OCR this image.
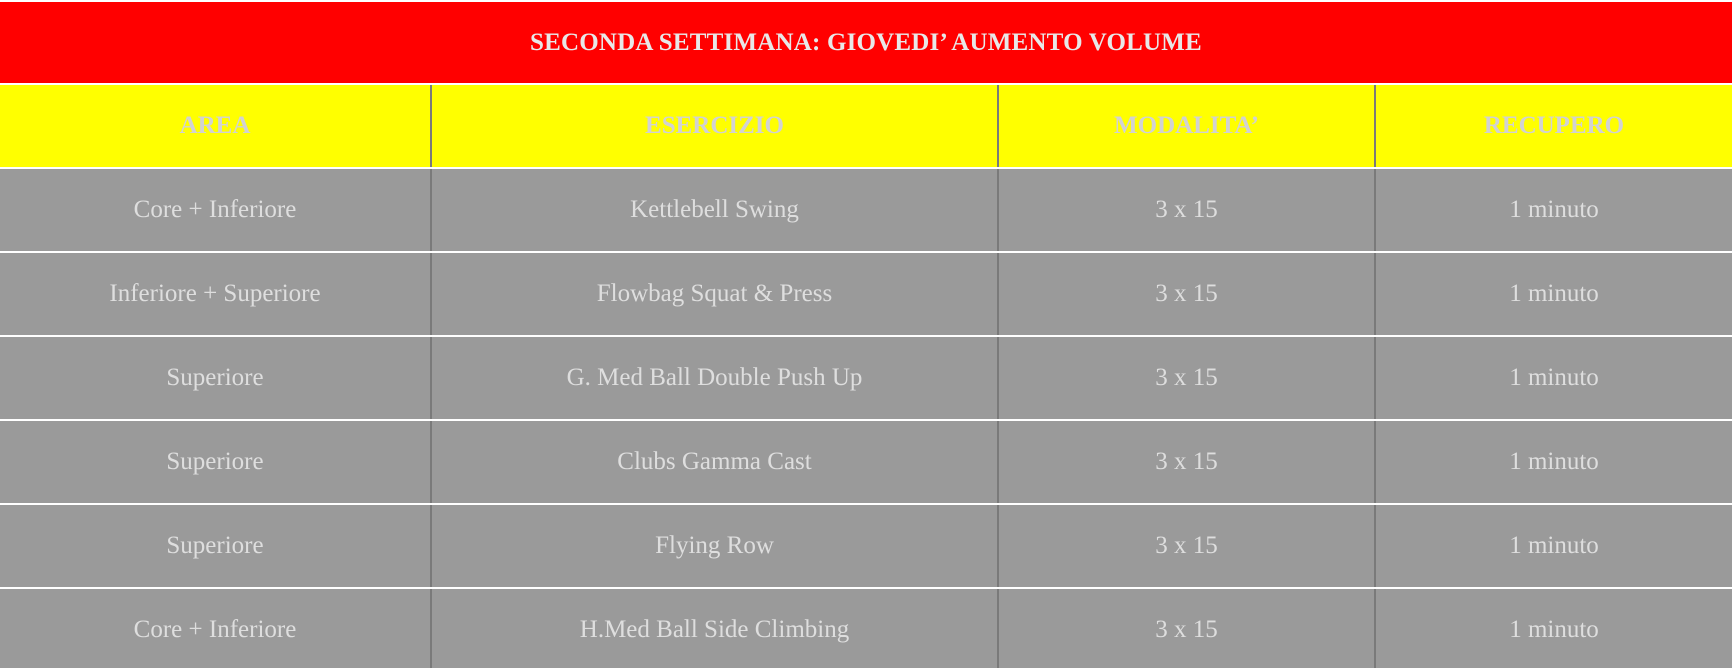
SECONDA SETTIMANA: GIOVEDI’ AUMENTO VOLUME
AREA	ESERCIZIO	MODALITA’	RECUPERO
Core + Inferiore	Kettlebell Swing	3 x 15	1 minuto
Inferiore + Superiore	Flowbag Squat & Press	3 x 15	1 minuto
Superiore	G. Med Ball Double Push Up	3 x 15	1 minuto
Superiore	Clubs Gamma Cast	3 x 15	1 minuto
Superiore	Flying Row	3 x 15	1 minuto
Core + Inferiore	H.Med Ball Side Climbing	3 x 15	1 minuto
